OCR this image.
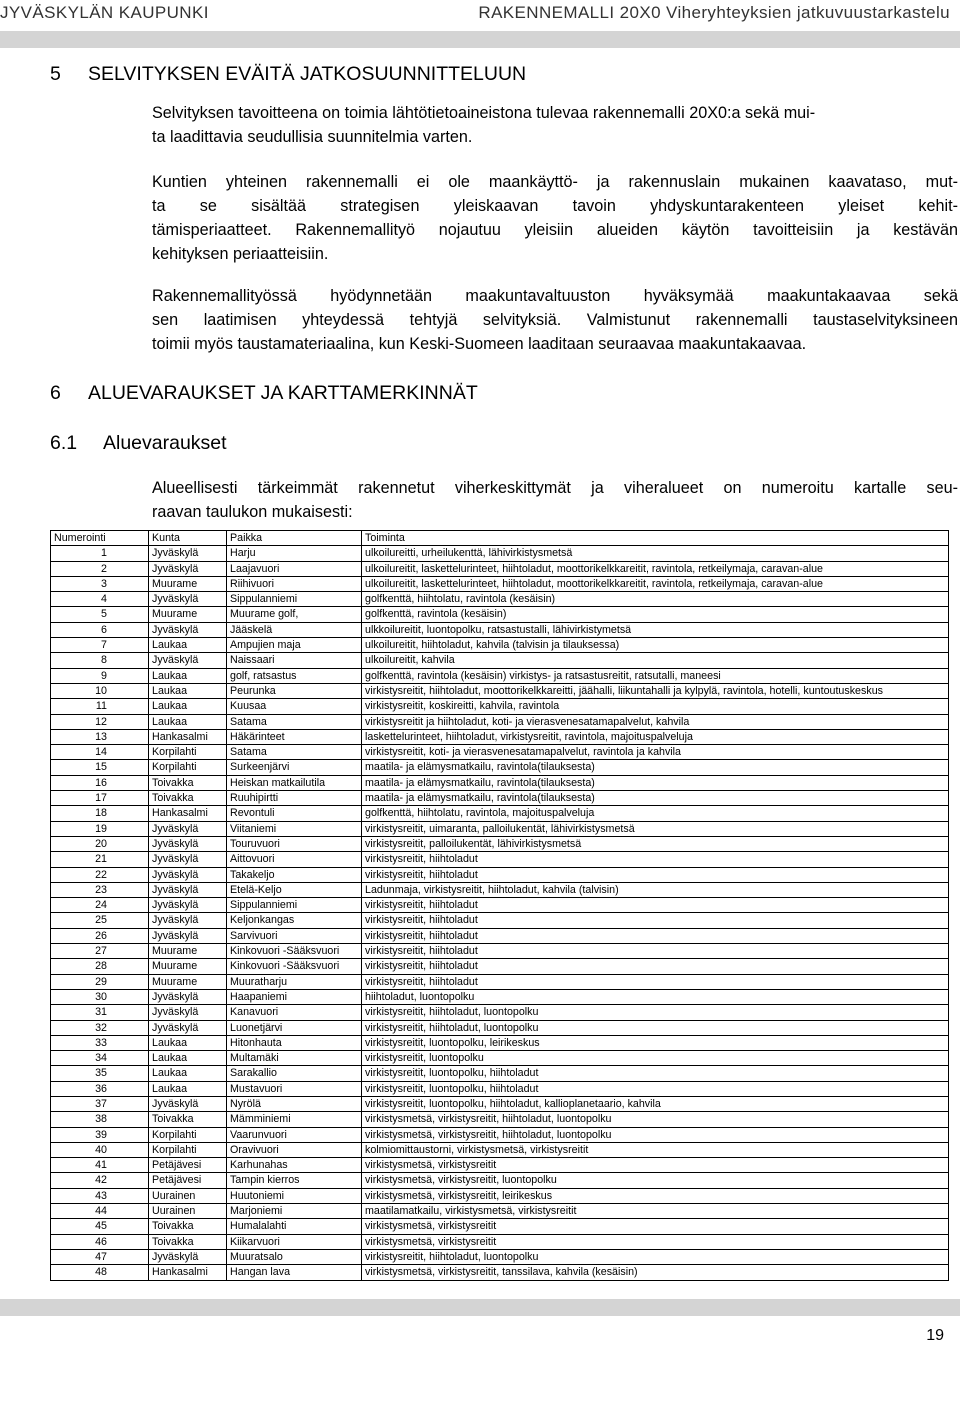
JYVÄSKYLÄN KAUPUNKI	RAKENNEMALLI 20X0 Viheryhteyksien jatkuvuustarkastelu
5 SELVITYKSEN EVÄITÄ JATKOSUUNNITTELUUN
Selvityksen tavoitteena on toimia lähtötietoaineistona tulevaa rakennemalli 20X0:a sekä mui-
ta laadittavia seudullisia suunnitelmia varten.
Kuntien yhteinen rakennemalli ei ole maankäyttö- ja rakennuslain mukainen kaavataso, mut-
ta se sisältää strategisen yleiskaavan tavoin yhdyskuntarakenteen yleiset kehit-
tämisperiaatteet. Rakennemallityö nojautuu yleisiin alueiden käytön tavoitteisiin ja kestävän
kehityksen periaatteisiin.
Rakennemallityössä hyödynnetään maakuntavaltuuston hyväksymää maakuntakaavaa sekä
sen laatimisen yhteydessä tehtyjä selvityksiä. Valmistunut rakennemalli taustaselvityksineen
toimii myös taustamateriaalina, kun Keski-Suomeen laaditaan seuraavaa maakuntakaavaa.
6 ALUEVARAUKSET JA KARTTAMERKINNÄT
6.1 Aluevaraukset
Alueellisesti tärkeimmät rakennetut viherkeskittymät ja viheralueet on numeroitu kartalle seu-
raavan taulukon mukaisesti:
Numerointi	Kunta	Paikka	Toiminta
1	Jyväskylä	Harju	ulkoilureitti, urheilukenttä, lähivirkistysmetsä
2	Jyväskylä	Laajavuori	ulkoilureitit, laskettelurinteet, hiihtoladut, moottorikelkkareitit, ravintola, retkeilymaja, caravan-alue
3	Muurame	Riihivuori	ulkoilureitit, laskettelurinteet, hiihtoladut, moottorikelkkareitit, ravintola, retkeilymaja, caravan-alue
4	Jyväskylä	Sippulanniemi	golfkenttä, hiihtolatu, ravintola (kesäisin)
5	Muurame	Muurame golf,	golfkenttä, ravintola (kesäisin)
6	Jyväskylä	Jääskelä	ulkkoilureitit, luontopolku, ratsastustalli, lähivirkistymetsä
7	Laukaa	Ampujien maja	ulkoilureitit, hiihtoladut, kahvila (talvisin ja tilauksessa)
8	Jyväskylä	Naissaari	ulkoilureitit, kahvila
9	Laukaa	golf, ratsastus	golfkenttä, ravintola (kesäisin) virkistys- ja ratsastusreitit, ratsutalli, maneesi
10	Laukaa	Peurunka	virkistysreitit, hiihtoladut, moottorikelkkareitti, jäähalli, liikuntahalli ja kylpylä, ravintola, hotelli, kuntoutuskeskus
11	Laukaa	Kuusaa	virkistysreitit, koskireitti, kahvila, ravintola
12	Laukaa	Satama	virkistysreitit ja hiihtoladut, koti- ja vierasvenesatamapalvelut, kahvila
13	Hankasalmi	Häkärinteet	laskettelurinteet, hiihtoladut, virkistysreitit, ravintola, majoituspalveluja
14	Korpilahti	Satama	virkistysreitit, koti- ja vierasvenesatamapalvelut, ravintola ja kahvila
15	Korpilahti	Surkeenjärvi	maatila- ja elämysmatkailu, ravintola(tilauksesta)
16	Toivakka	Heiskan matkailutila	maatila- ja elämysmatkailu, ravintola(tilauksesta)
17	Toivakka	Ruuhipirtti	maatila- ja elämysmatkailu, ravintola(tilauksesta)
18	Hankasalmi	Revontuli	golfkenttä, hiihtolatu, ravintola, majoituspalveluja
19	Jyväskylä	Viitaniemi	virkistysreitit, uimaranta, palloilukentät, lähivirkistysmetsä
20	Jyväskylä	Touruvuori	virkistysreitit, palloilukentät, lähivirkistysmetsä
21	Jyväskylä	Aittovuori	virkistysreitit, hiihtoladut
22	Jyväskylä	Takakeljo	virkistysreitit, hiihtoladut
23	Jyväskylä	Etelä-Keljo	Ladunmaja, virkistysreitit, hiihtoladut, kahvila (talvisin)
24	Jyväskylä	Sippulanniemi	virkistysreitit, hiihtoladut
25	Jyväskylä	Keljonkangas	virkistysreitit, hiihtoladut
26	Jyväskylä	Sarvivuori	virkistysreitit, hiihtoladut
27	Muurame	Kinkovuori -Sääksvuori	virkistysreitit, hiihtoladut
28	Muurame	Kinkovuori -Sääksvuori	virkistysreitit, hiihtoladut
29	Muurame	Muuratharju	virkistysreitit, hiihtoladut
30	Jyväskylä	Haapaniemi	hiihtoladut, luontopolku
31	Jyväskylä	Kanavuori	virkistysreitit, hiihtoladut, luontopolku
32	Jyväskylä	Luonetjärvi	virkistysreitit, hiihtoladut, luontopolku
33	Laukaa	Hitonhauta	virkistysreitit, luontopolku, leirikeskus
34	Laukaa	Multamäki	virkistysreitit, luontopolku
35	Laukaa	Sarakallio	virkistysreitit, luontopolku, hiihtoladut
36	Laukaa	Mustavuori	virkistysreitit, luontopolku, hiihtoladut
37	Jyväskylä	Nyrölä	virkistysreitit, luontopolku, hiihtoladut, kallioplanetaario, kahvila
38	Toivakka	Mämminiemi	virkistysmetsä, virkistysreitit, hiihtoladut, luontopolku
39	Korpilahti	Vaarunvuori	virkistysmetsä, virkistysreitit, hiihtoladut, luontopolku
40	Korpilahti	Oravivuori	kolmiomittaustorni, virkistysmetsä, virkistysreitit
41	Petäjävesi	Karhunahas	virkistysmetsä, virkistysreitit
42	Petäjävesi	Tampin kierros	virkistysmetsä, virkistysreitit, luontopolku
43	Uurainen	Huutoniemi	virkistysmetsä, virkistysreitit, leirikeskus
44	Uurainen	Marjoniemi	maatilamatkailu, virkistysmetsä, virkistysreitit
45	Toivakka	Humalalahti	virkistysmetsä, virkistysreitit
46	Toivakka	Kiikarvuori	virkistysmetsä, virkistysreitit
47	Jyväskylä	Muuratsalo	virkistysreitit, hiihtoladut, luontopolku
48	Hankasalmi	Hangan lava	virkistysmetsä, virkistysreitit, tanssilava, kahvila (kesäisin)
19
